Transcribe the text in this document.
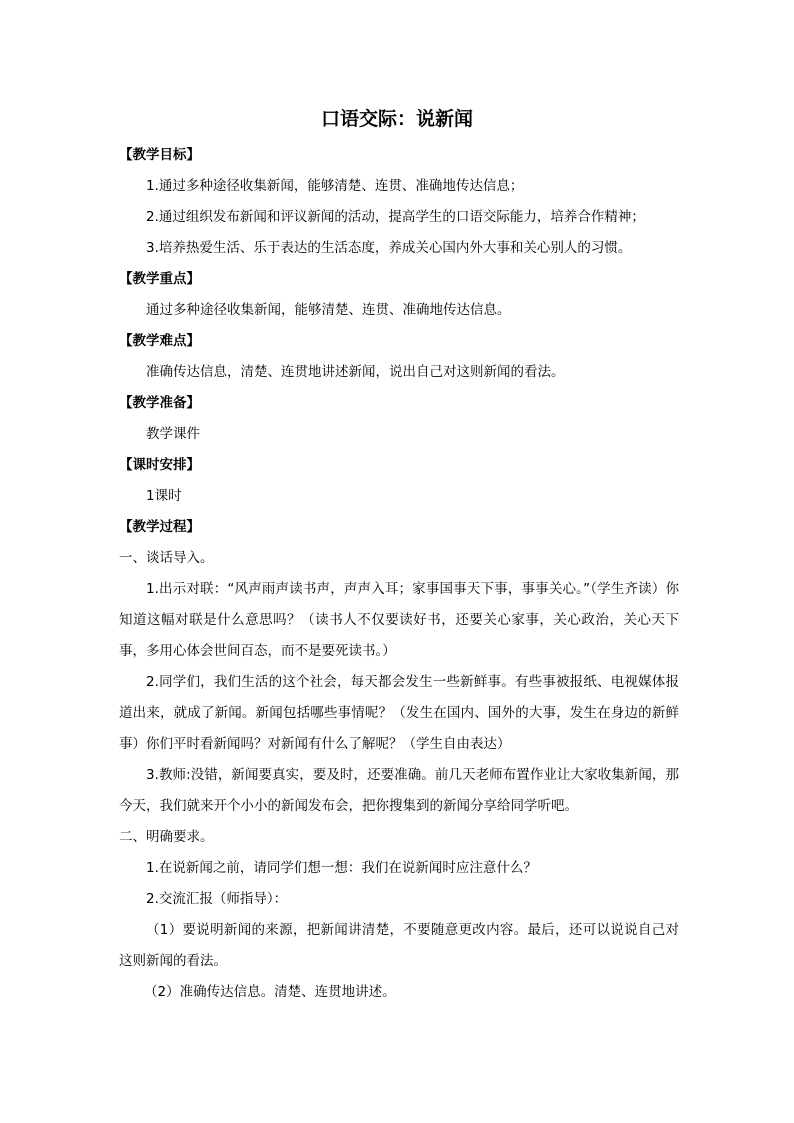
口语交际：说新闻

【教学目标】

1.通过多种途径收集新闻，能够清楚、连贯、准确地传达信息；

2.通过组织发布新闻和评议新闻的活动，提高学生的口语交际能力，培养合作精神；

3.培养热爱生活、乐于表达的生活态度，养成关心国内外大事和关心别人的习惯。

【教学重点】

通过多种途径收集新闻，能够清楚、连贯、准确地传达信息。

【教学难点】

准确传达信息，清楚、连贯地讲述新闻，说出自己对这则新闻的看法。

【教学准备】

教学课件

【课时安排】

1课时

【教学过程】

一、谈话导入。

1.出示对联：“风声雨声读书声，声声入耳；家事国事天下事，事事关心。”（学生齐读）你知道这幅对联是什么意思吗？（读书人不仅要读好书，还要关心家事，关心政治，关心天下事，多用心体会世间百态，而不是要死读书。）

2.同学们，我们生活的这个社会，每天都会发生一些新鲜事。有些事被报纸、电视媒体报道出来，就成了新闻。新闻包括哪些事情呢？（发生在国内、国外的大事，发生在身边的新鲜事）你们平时看新闻吗？对新闻有什么了解呢？（学生自由表达）

3.教师:没错，新闻要真实，要及时，还要准确。前几天老师布置作业让大家收集新闻，那今天，我们就来开个小小的新闻发布会，把你搜集到的新闻分享给同学听吧。

二、明确要求。

1.在说新闻之前，请同学们想一想：我们在说新闻时应注意什么？

2.交流汇报（师指导）：

（1）要说明新闻的来源，把新闻讲清楚，不要随意更改内容。最后，还可以说说自己对这则新闻的看法。

（2）准确传达信息。清楚、连贯地讲述。
